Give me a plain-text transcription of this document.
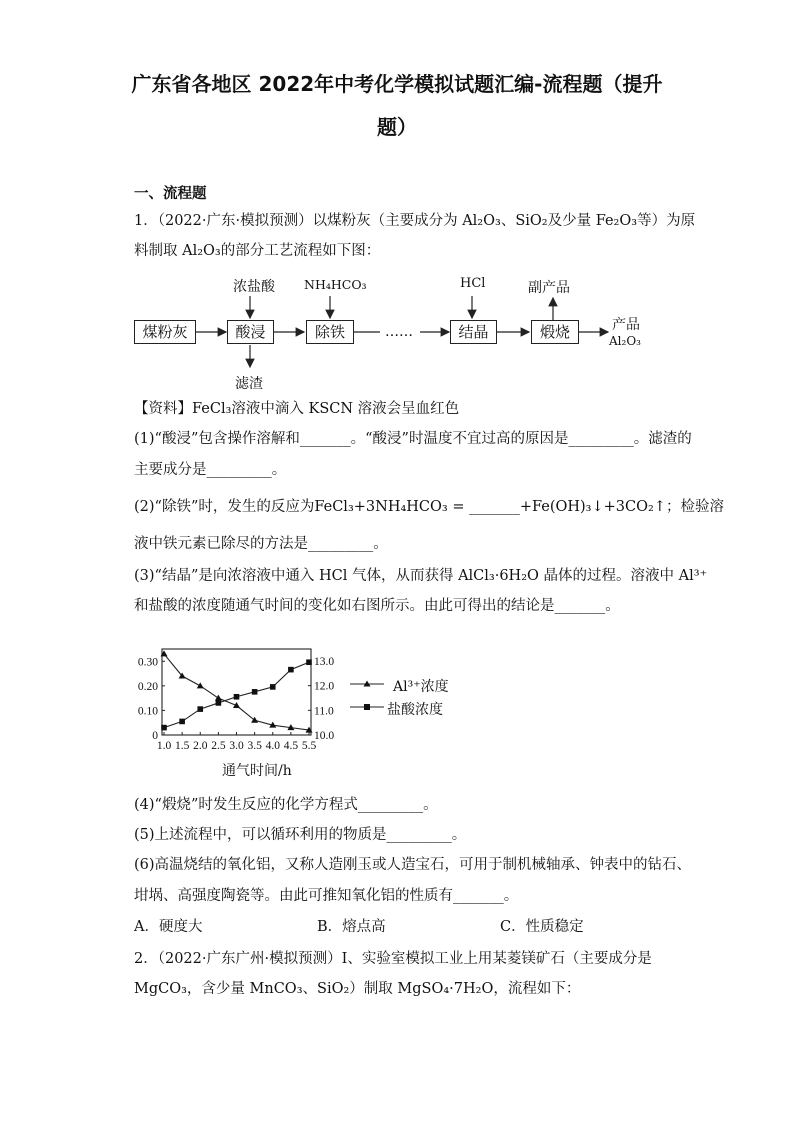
广东省各地区 2022年中考化学模拟试题汇编-流程题（提升
题）
一、流程题
1．（2022·广东·模拟预测）以煤粉灰（主要成分为 Al₂O₃、SiO₂及少量 Fe₂O₃等）为原
料制取 Al₂O₃的部分工艺流程如下图：
煤粉灰	酸浸	除铁	……	结晶	煅烧
浓盐酸
滤渣
NH₄HCO₃	HCl	副产品
产品
Al₂O₃
【资料】FeCl₃溶液中滴入 KSCN 溶液会呈血红色
(1)“酸浸”包含操作溶解和_______。“酸浸”时温度不宜过高的原因是_________。滤渣的
主要成分是_________。
(2)“除铁”时，发生的反应为FeCl₃+3NH₄HCO₃ = _______+Fe(OH)₃↓+3CO₂↑；检验溶
液中铁元素已除尽的方法是_________。
(3)“结晶”是向浓溶液中通入 HCl 气体，从而获得 AlCl₃·6H₂O 晶体的过程。溶液中 Al³⁺
和盐酸的浓度随通气时间的变化如右图所示。由此可得出的结论是_______。
1.0 1.5 2.0 2.5 3.0 3.5 4.0 4.5 5.5
0
0.10
0.20
0.30
10.0
11.0
12.0
13.0
通气时间/h
Al³⁺浓度
盐酸浓度
(4)“煅烧”时发生反应的化学方程式_________。
(5)上述流程中，可以循环利用的物质是_________。
(6)高温烧结的氧化铝，又称人造刚玉或人造宝石，可用于制机械轴承、钟表中的钻石、
坩埚、高强度陶瓷等。由此可推知氧化铝的性质有_______。
A．硬度大	B．熔点高	C．性质稳定
2．（2022·广东广州·模拟预测）Ⅰ、实验室模拟工业上用某菱镁矿石（主要成分是
MgCO₃，含少量 MnCO₃、SiO₂）制取 MgSO₄·7H₂O，流程如下：
